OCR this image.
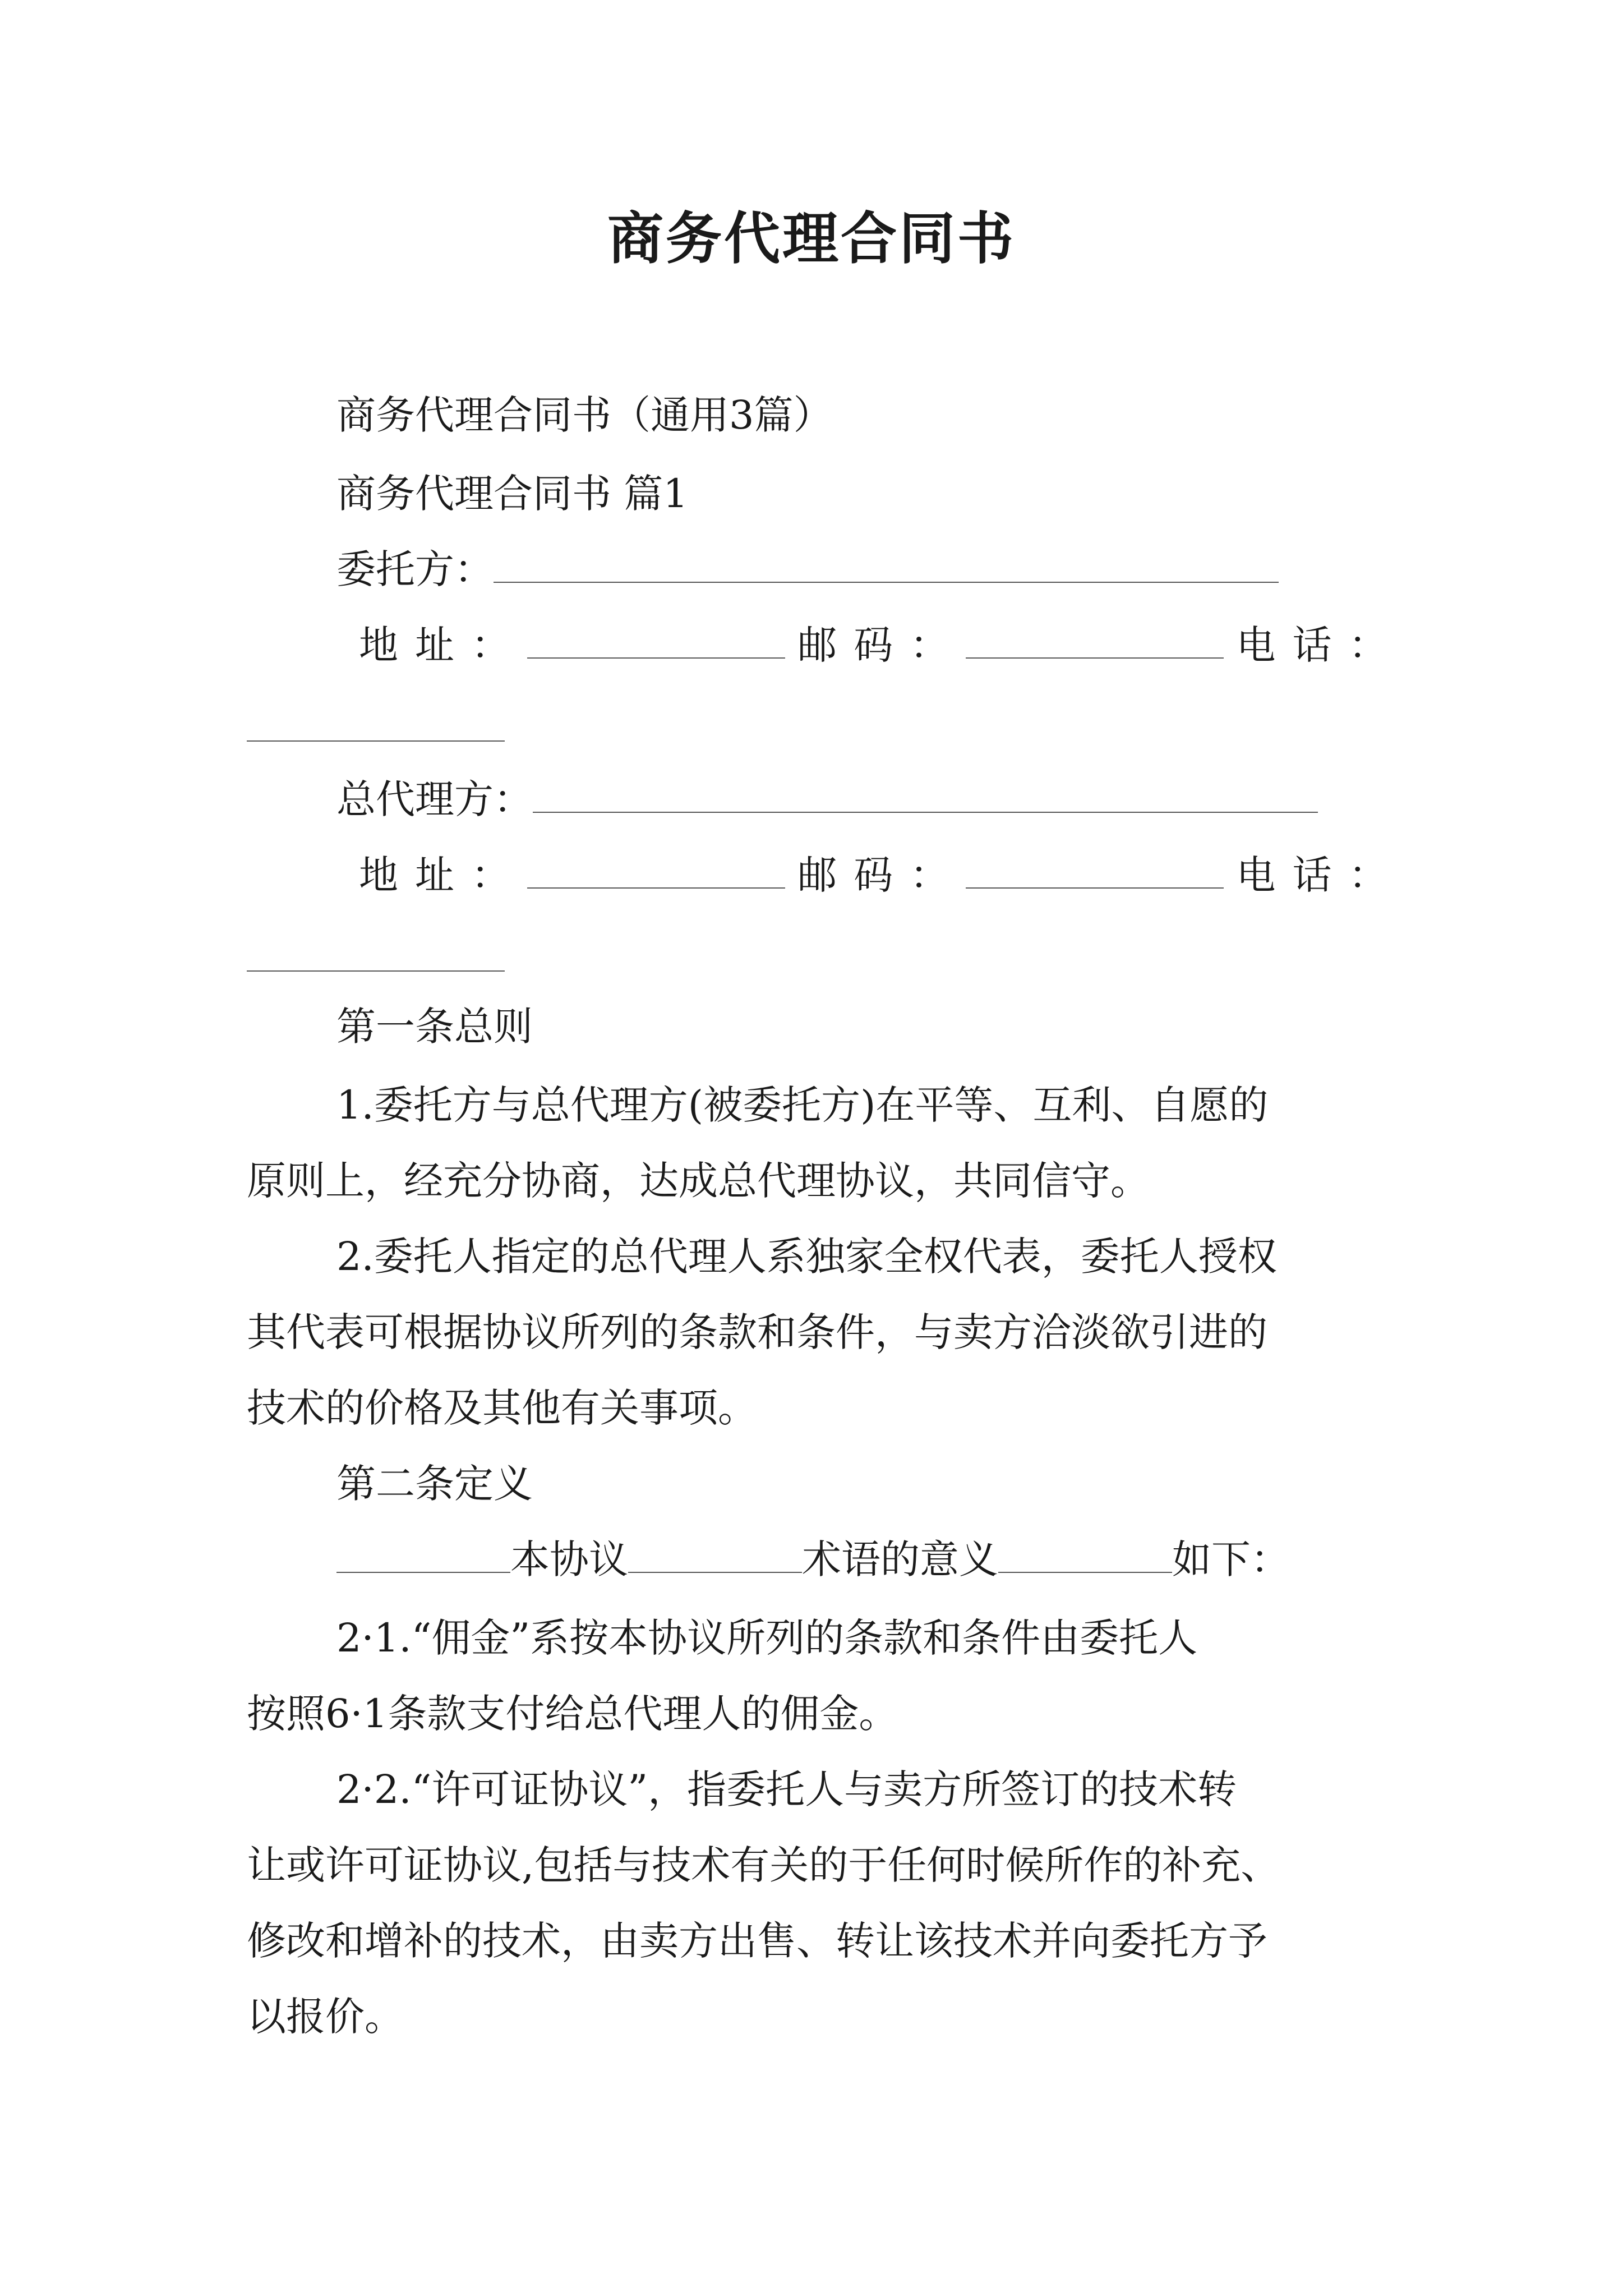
商务代理合同书
商务代理合同书（通用3篇）
商务代理合同书 篇1
委托方：
地址：	邮码：	电话：
总代理方：
地址：	邮码：	电话：
第一条总则
1.委托方与总代理方(被委托方)在平等、互利、自愿的
原则上，经充分协商，达成总代理协议，共同信守。
2.委托人指定的总代理人系独家全权代表，委托人授权
其代表可根据协议所列的条款和条件，与卖方洽淡欲引进的
技术的价格及其他有关事项。
第二条定义
本协议	术语的意义	如下：
2·1.“佣金”系按本协议所列的条款和条件由委托人
按照6·1条款支付给总代理人的佣金。
2·2.“许可证协议”，指委托人与卖方所签订的技术转
让或许可证协议,包括与技术有关的于任何时候所作的补充、
修改和增补的技术，由卖方出售、转让该技术并向委托方予
以报价。
